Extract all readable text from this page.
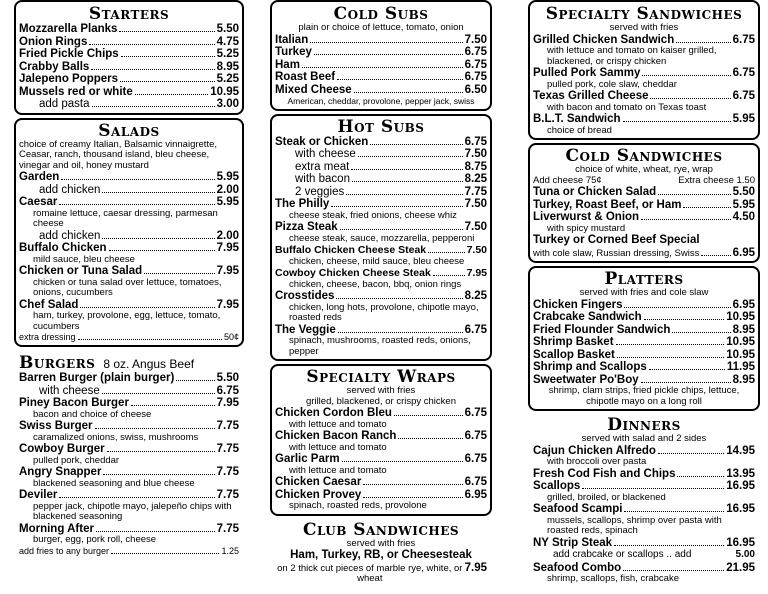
Starters
Mozzarella Planks	5.50
Onion Rings	4.75
Fried Pickle Chips	5.25
Crabby Balls	8.95
Jalepeno Poppers	5.25
Mussels red or white	10.95
add pasta	3.00
Salads
choice of creamy Italian, Balsamic vinnaigrette, Ceasar, ranch, thousand island, bleu cheese, vinegar and oil, honey mustard
Garden	5.95
add chicken	2.00
Caesar	5.95
romaine lettuce, caesar dressing, parmesan cheese
add chicken	2.00
Buffalo Chicken	7.95
mild sauce, bleu cheese
Chicken or Tuna Salad	7.95
chicken or tuna salad over lettuce, tomatoes, onions, cucumbers
Chef Salad	7.95
ham, turkey, provolone, egg, lettuce, tomato, cucumbers
extra dressing	50¢
Burgers 8 oz. Angus Beef
Barren Burger (plain burger)	5.50
with cheese	6.75
Piney Bacon Burger	7.95
bacon and choice of cheese
Swiss Burger	7.75
caramalized onions, swiss, mushrooms
Cowboy Burger	7.75
pulled pork, cheddar
Angry Snapper	7.75
blackened seasoning and blue cheese
Deviler	7.75
pepper jack, chipotle mayo, jalepeño chips with blackened seasoning
Morning After	7.75
burger, egg, pork roll, cheese
add fries to any burger	1.25
Cold Subs
plain or choice of lettuce, tomato, onion
Italian	7.50
Turkey	6.75
Ham	6.75
Roast Beef	6.75
Mixed Cheese	6.50
American, cheddar, provolone, pepper jack, swiss
Hot Subs
Steak or Chicken	6.75
with cheese	7.50
extra meat	8.75
with bacon	8.25
2 veggies	7.75
The Philly	7.50
cheese steak, fried onions, cheese whiz
Pizza Steak	7.50
cheese steak, sauce, mozzarella, pepperoni
Buffalo Chicken Cheese Steak	7.50
chicken, cheese, mild sauce, bleu cheese
Cowboy Chicken Cheese Steak	7.95
chicken, cheese, bacon, bbq, onion rings
Crosstides	8.25
chicken, long hots, provolone, chipotle mayo, roasted reds
The Veggie	6.75
spinach, mushrooms, roasted reds, onions, pepper
Specialty Wraps
served with fries
grilled, blackened, or crispy chicken
Chicken Cordon Bleu	6.75
with lettuce and tomato
Chicken Bacon Ranch	6.75
with lettuce and tomato
Garlic Parm	6.75
with lettuce and tomato
Chicken Caesar	6.75
Chicken Provey	6.95
spinach, roasted reds, provolone
Club Sandwiches
served with fries
Ham, Turkey, RB, or Cheesesteak
on 2 thick cut pieces of marble rye, white, or wheat
7.95
Specialty Sandwiches
served with fries
Grilled Chicken Sandwich	6.75
with lettuce and tomato on kaiser grilled, blackened, or crispy chicken
Pulled Pork Sammy	6.75
pulled pork, cole slaw, cheddar
Texas Grilled Cheese	6.75
with bacon and tomato on Texas toast
B.L.T. Sandwich	5.95
choice of bread
Cold Sandwiches
choice of white, wheat, rye, wrap
Add cheese 75¢	Extra cheese 1.50
Tuna or Chicken Salad	5.50
Turkey, Roast Beef, or Ham	5.95
Liverwurst & Onion	4.50
with spicy mustard
Turkey or Corned Beef Special
with cole slaw, Russian dressing, Swiss	6.95
Platters
served with fries and cole slaw
Chicken Fingers	6.95
Crabcake Sandwich	10.95
Fried Flounder Sandwich	8.95
Shrimp Basket	10.95
Scallop Basket	10.95
Shrimp and Scallops	11.95
Sweetwater Po'Boy	8.95
shrimp, clam strips, fried pickle chips, lettuce, chipotle mayo on a long roll
Dinners
served with salad and 2 sides
Cajun Chicken Alfredo	14.95
with broccoli over pasta
Fresh Cod Fish and Chips	13.95
Scallops	16.95
grilled, broiled, or blackened
Seafood Scampi	16.95
mussels, scallops, shrimp over pasta with roasted reds, spinach
NY Strip Steak	16.95
add crabcake or scallops .. add	5.00
Seafood Combo	21.95
shrimp, scallops, fish, crabcake
